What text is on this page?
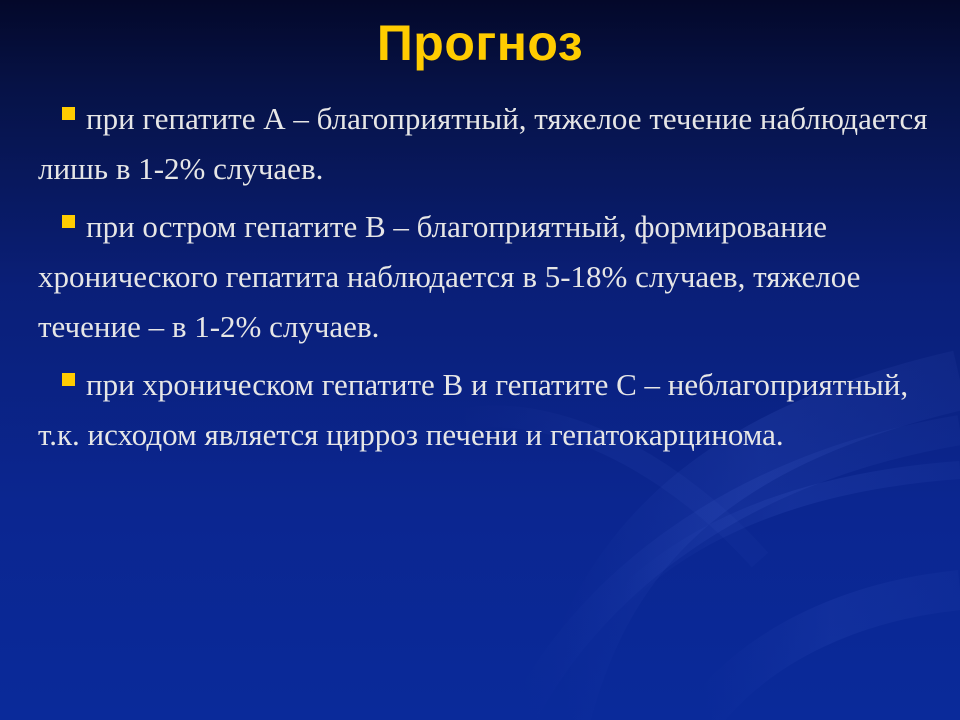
Прогноз
при гепатите А – благоприятный, тяжелое течение наблюдается лишь в 1-2% случаев.
при остром гепатите В – благоприятный, формирование хронического гепатита наблюдается в 5-18% случаев, тяжелое течение – в 1-2% случаев.
при хроническом гепатите В и гепатите С – неблагоприятный, т.к. исходом является цирроз печени и гепатокарцинома.
